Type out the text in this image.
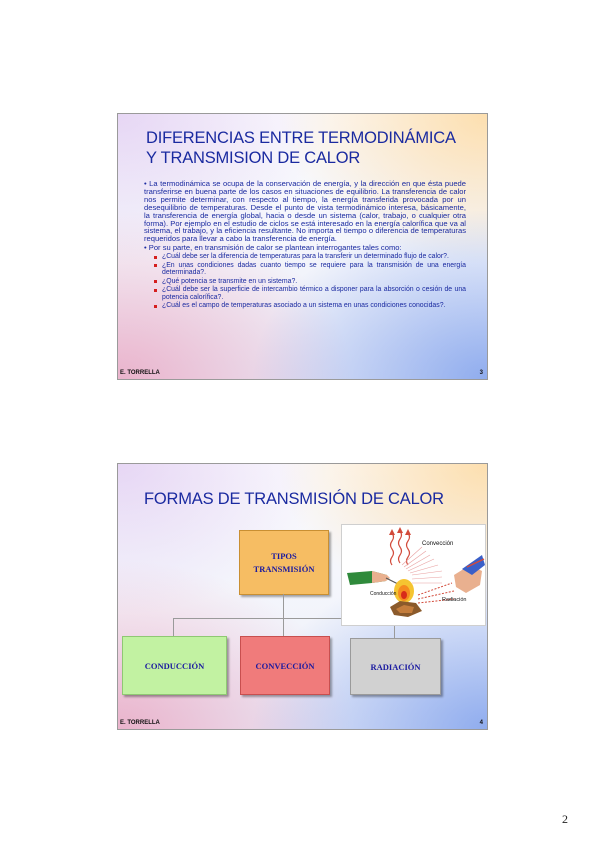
DIFERENCIAS ENTRE TERMODINÁMICA
Y TRANSMISION DE CALOR

• La termodinámica se ocupa de la conservación de energía, y la dirección en que ésta puede transferirse en buena parte de los casos en situaciones de equilibrio. La transferencia de calor nos permite determinar, con respecto al tiempo, la energía transferida provocada por un desequilibrio de temperaturas. Desde el punto de vista termodinámico interesa, básicamente, la transferencia de energía global, hacia o desde un sistema (calor, trabajo, o cualquier otra forma). Por ejemplo en el estudio de ciclos se está interesado en la energía calorífica que va al sistema, el trabajo, y la eficiencia resultante. No importa el tiempo o diferencia de temperaturas requeridos para llevar a cabo la transferencia de energía.

• Por su parte, en transmisión de calor se plantean interrogantes tales como:

¿Cuál debe ser la diferencia de temperaturas para la transferir un determinado flujo de calor?.
¿En unas condiciones dadas cuanto tiempo se requiere para la transmisión de una energía determinada?.
¿Qué potencia se transmite en un sistema?.
¿Cuál debe ser la superficie de intercambio térmico a disponer para la absorción o cesión de una potencia calorífica?.
¿Cuál es el campo de temperaturas asociado a un sistema en unas condiciones conocidas?.
E. TORRELLA	3
FORMAS DE TRANSMISIÓN DE CALOR
TIPOS
TRANSMISIÓN
CONDUCCIÓN	CONVECCIÓN	RADIACIÓN
Convección
Conducción
Radiación
E. TORRELLA	4
2
